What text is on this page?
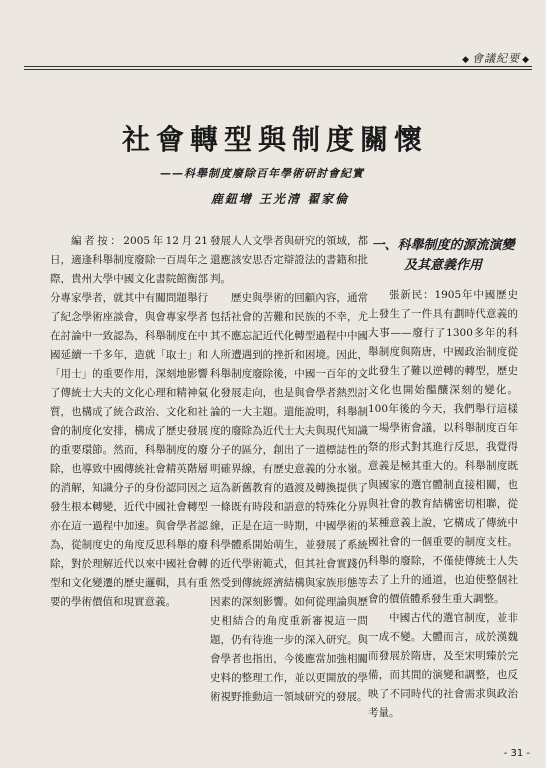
◆ 會議紀要 ◆
社會轉型與制度關懷
——科舉制度廢除百年學術研討會紀實
鹿鈕增 王光清 翟家倫

編者按：2005年12月21日，適逢科舉制度廢除一百周年之際，貴州大學中國文化書院館衡部分專家學者，就其中有關問題舉行了紀念學術座談會，與會專家學者在討論中一致認為，科舉制度在中國延續一千多年，造就「取士」和「用士」的重要作用，深刻地影響了傳統士大夫的文化心理和精神氣質，也構成了統合政治、文化和社會的制度化安排，構成了歷史發展的重要環節。然而，科舉制度的廢除，也導致中國傳統社會精英階層的消解，知識分子的身份認同因之發生根本轉變，近代中國社會轉型亦在這一過程中加速。與會學者認為，從制度史的角度反思科舉的廢除，對於理解近代以來中國社會轉型和文化變遷的歷史邏輯，具有重要的學術價值和現實意義。

發展人人文學者與研究的領域，都還應該安思否定辯證法的書籍和批判。

歷史與學術的回顧內容，通常包括社會的苦難和民族的不幸，尤其不應忘記近代化轉型過程中中國人所遭遇到的挫折和困境。因此，科舉制度廢除後，中國一百年的文化發展走向，也是與會學者熱烈討論的一大主題。還能說明，科舉制度的廢除為近代士大夫與現代知識分子的區分，創出了一道標誌性的明確界線，有歷史意義的分水嶺。這為新舊教育的過渡及轉換提供了一條既有時段和語意的特殊化分界線，正是在這一時期，中國學術的科學體系開始萌生，並發展了系統的近代學術範式，但其社會實踐仍然受到傳統經濟結構與家族形態等因素的深刻影響。如何從理論與歷史相結合的角度重新審視這一問題，仍有待進一步的深入研究。與會學者也指出，今後應當加強相關史料的整理工作，並以更開放的學術視野推動這一領域研究的發展。

一、科舉制度的源流演變及其意義作用

張新民：1905年中國歷史上發生了一件具有劃時代意義的大事——廢行了1300多年的科舉制度與隋唐，中國政治制度從此發生了難以逆轉的轉型，歷史文化也開始醞釀深刻的變化。100年後的今天，我們舉行這樣一場學術會議，以科舉制度百年祭的形式對其進行反思，我覺得意義是極其重大的。科舉制度既與國家的選官體制直接相關，也與社會的教育結構密切相聯，從某種意義上說，它構成了傳統中國社會的一個重要的制度支柱。科舉的廢除，不僅使傳統士人失去了上升的通道，也迫使整個社會的價值體系發生重大調整。

中國古代的選官制度，並非一成不變。大體而言，成於漢魏而發展於隋唐，及至宋明臻於完備，而其間的演變和調整，也反映了不同時代的社會需求與政治考量。

- 31 -
